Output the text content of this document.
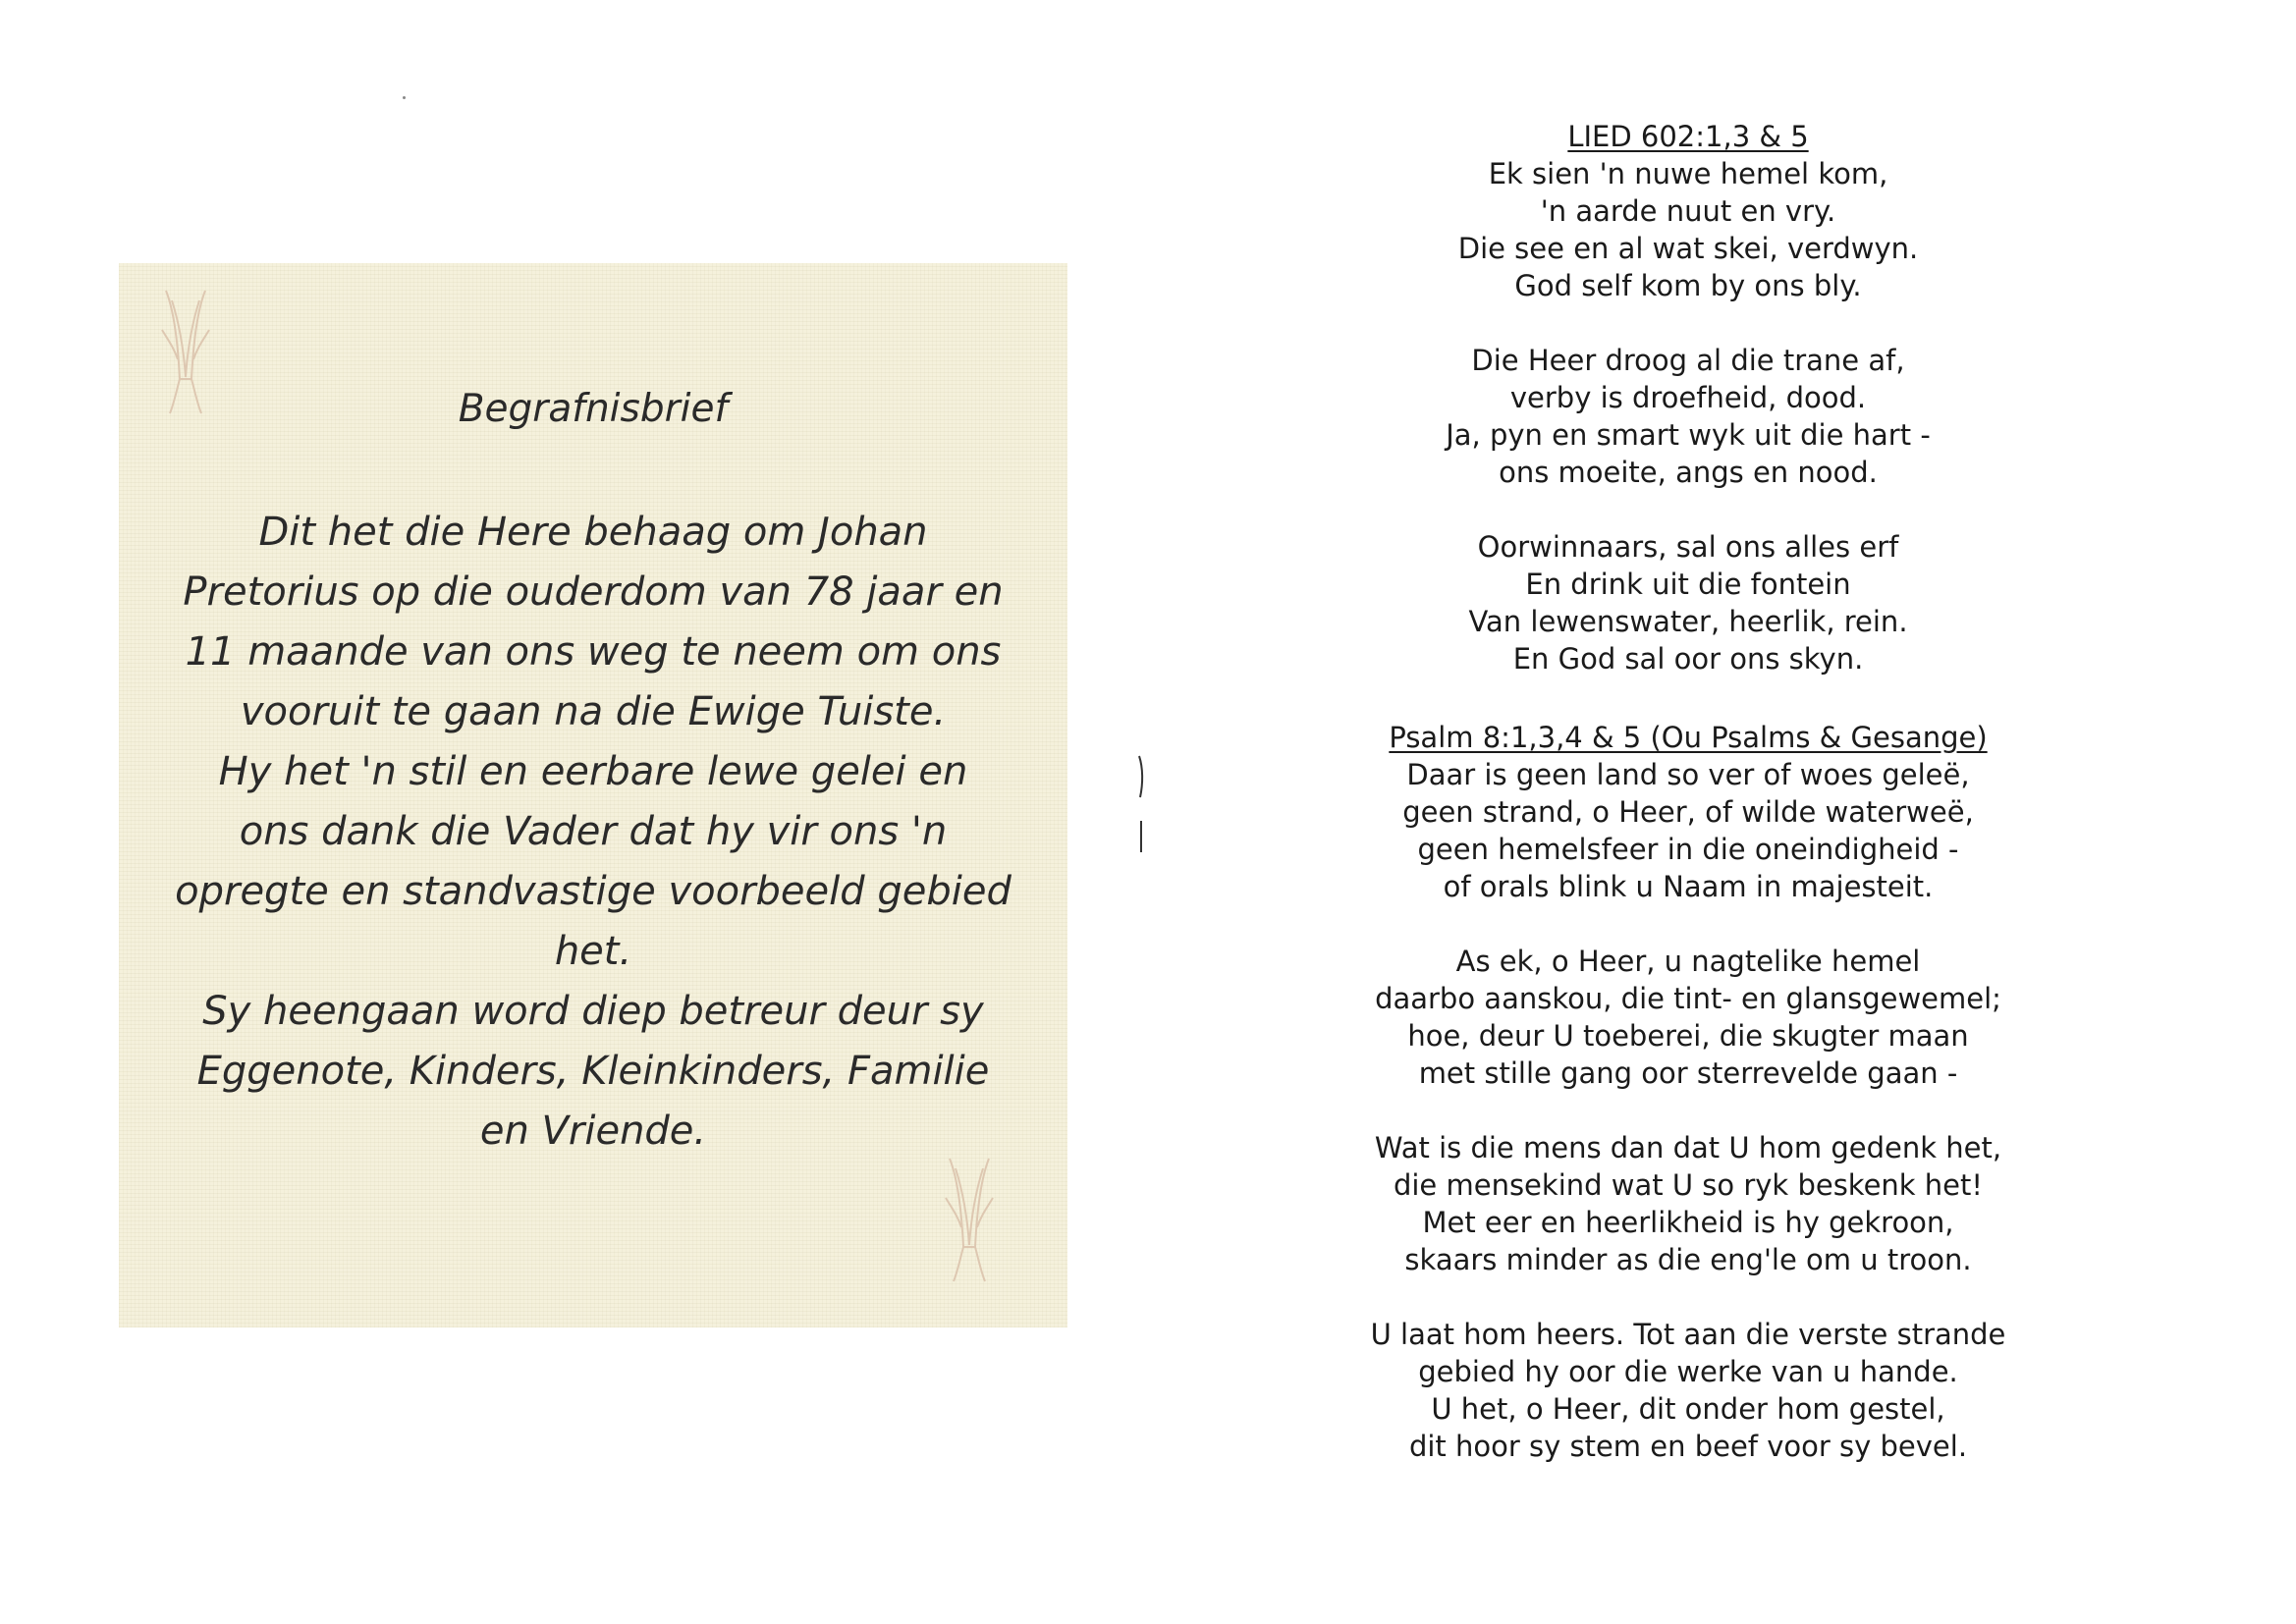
Begrafnisbrief
Dit het die Here behaag om Johan
Pretorius op die ouderdom van 78 jaar en
11 maande van ons weg te neem om ons
vooruit te gaan na die Ewige Tuiste.
Hy het 'n stil en eerbare lewe gelei en
ons dank die Vader dat hy vir ons 'n
opregte en standvastige voorbeeld gebied
het.
Sy heengaan word diep betreur deur sy
Eggenote, Kinders, Kleinkinders, Familie
en Vriende.
LIED 602:1,3 & 5
Ek sien 'n nuwe hemel kom,
'n aarde nuut en vry.
Die see en al wat skei, verdwyn.
God self kom by ons bly.
Die Heer droog al die trane af,
verby is droefheid, dood.
Ja, pyn en smart wyk uit die hart -
ons moeite, angs en nood.
Oorwinnaars, sal ons alles erf
En drink uit die fontein
Van lewenswater, heerlik, rein.
En God sal oor ons skyn.
Psalm 8:1,3,4 & 5 (Ou Psalms & Gesange)
Daar is geen land so ver of woes geleë,
geen strand, o Heer, of wilde waterweë,
geen hemelsfeer in die oneindigheid -
of orals blink u Naam in majesteit.
As ek, o Heer, u nagtelike hemel
daarbo aanskou, die tint- en glansgewemel;
hoe, deur U toeberei, die skugter maan
met stille gang oor sterrevelde gaan -
Wat is die mens dan dat U hom gedenk het,
die mensekind wat U so ryk beskenk het!
Met eer en heerlikheid is hy gekroon,
skaars minder as die eng'le om u troon.
U laat hom heers. Tot aan die verste strande
gebied hy oor die werke van u hande.
U het, o Heer, dit onder hom gestel,
dit hoor sy stem en beef voor sy bevel.
